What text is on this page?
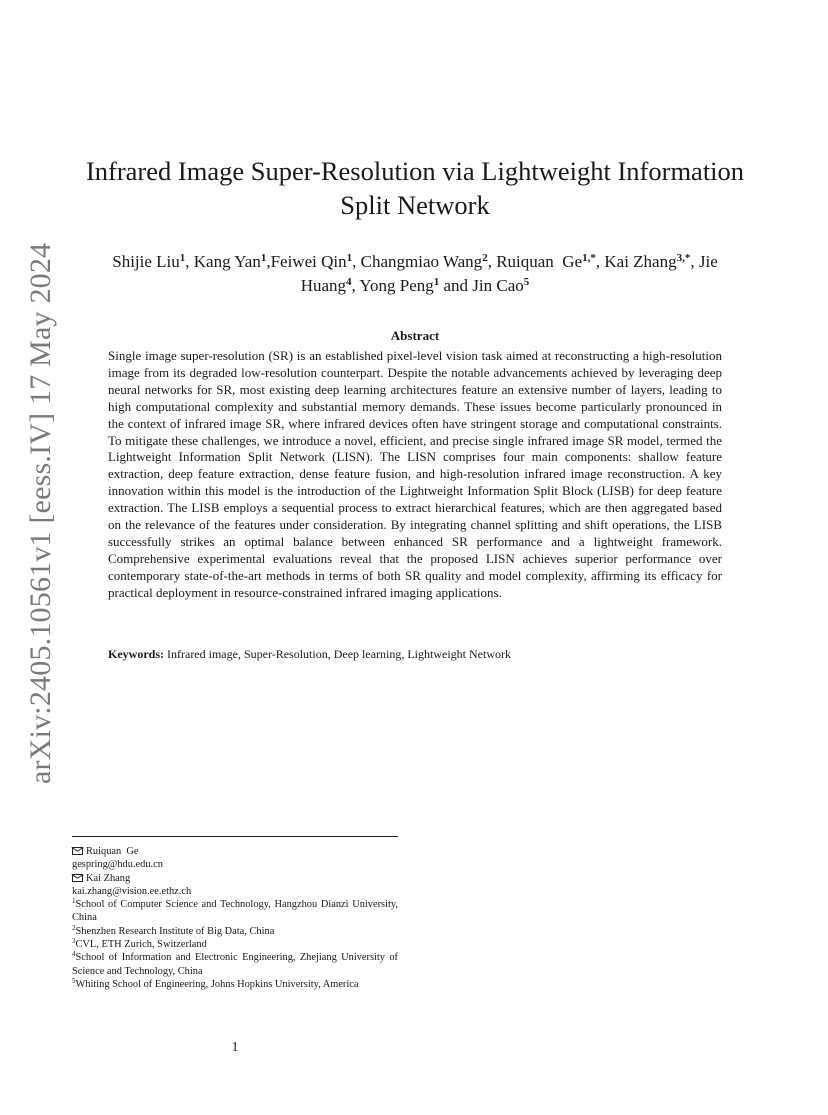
arXiv:2405.10561v1 [eess.IV] 17 May 2024
Infrared Image Super-Resolution via Lightweight Information Split Network
Shijie Liu$^1$, Kang Yan$^1$,Feiwei Qin$^1$, Changmiao Wang$^2$, Ruiquan  $Ge^{1,*}$, Kai Zhang$^{3,*}$, Jie Huang$^4$, Yong Peng$^1$ and Jin Cao$^5$
Abstract

Single image super-resolution (SR) is an established pixel-level vision task aimed at reconstructing a high-resolution image from its degraded low-resolution counterpart. Despite the notable advancements achieved by leveraging deep neural networks for SR, most existing deep learning architectures feature an extensive number of layers, leading to high computational complexity and substantial memory demands. These issues become particularly pronounced in the context of infrared image SR, where infrared devices often have stringent storage and computational constraints. To mitigate these challenges, we introduce a novel, efficient, and precise single infrared image SR model, termed the Lightweight Information Split Network (LISN). The LISN comprises four main components: shallow feature extraction, deep feature extraction, dense feature fusion, and high-resolution infrared image reconstruction. A key innovation within this model is the introduction of the Lightweight Information Split Block (LISB) for deep feature extraction. The LISB employs a sequential process to extract hierarchical features, which are then aggregated based on the relevance of the features under consideration. By integrating channel splitting and shift operations, the LISB successfully strikes an optimal balance between enhanced SR performance and a lightweight framework. Comprehensive experimental evaluations reveal that the proposed LISN achieves superior performance over contemporary state-of-the-art methods in terms of both SR quality and model complexity, affirming its efficacy for practical deployment in resource-constrained infrared imaging applications.

Keywords: Infrared image, Super-Resolution, Deep learning, Lightweight Network
Ruiquan  Ge
gespring@hdu.edu.cn
Kai Zhang
kai.zhang@vision.ee.ethz.ch
$^1$School of Computer Science and Technology, Hangzhou Dianzi University, China
$^2$Shenzhen Research Institute of Big Data, China
$^3$CVL, ETH Zurich, Switzerland
$^4$School of Information and Electronic Engineering, Zhejiang University of Science and Technology, China
$^5$Whiting School of Engineering, Johns Hopkins University, America
1
